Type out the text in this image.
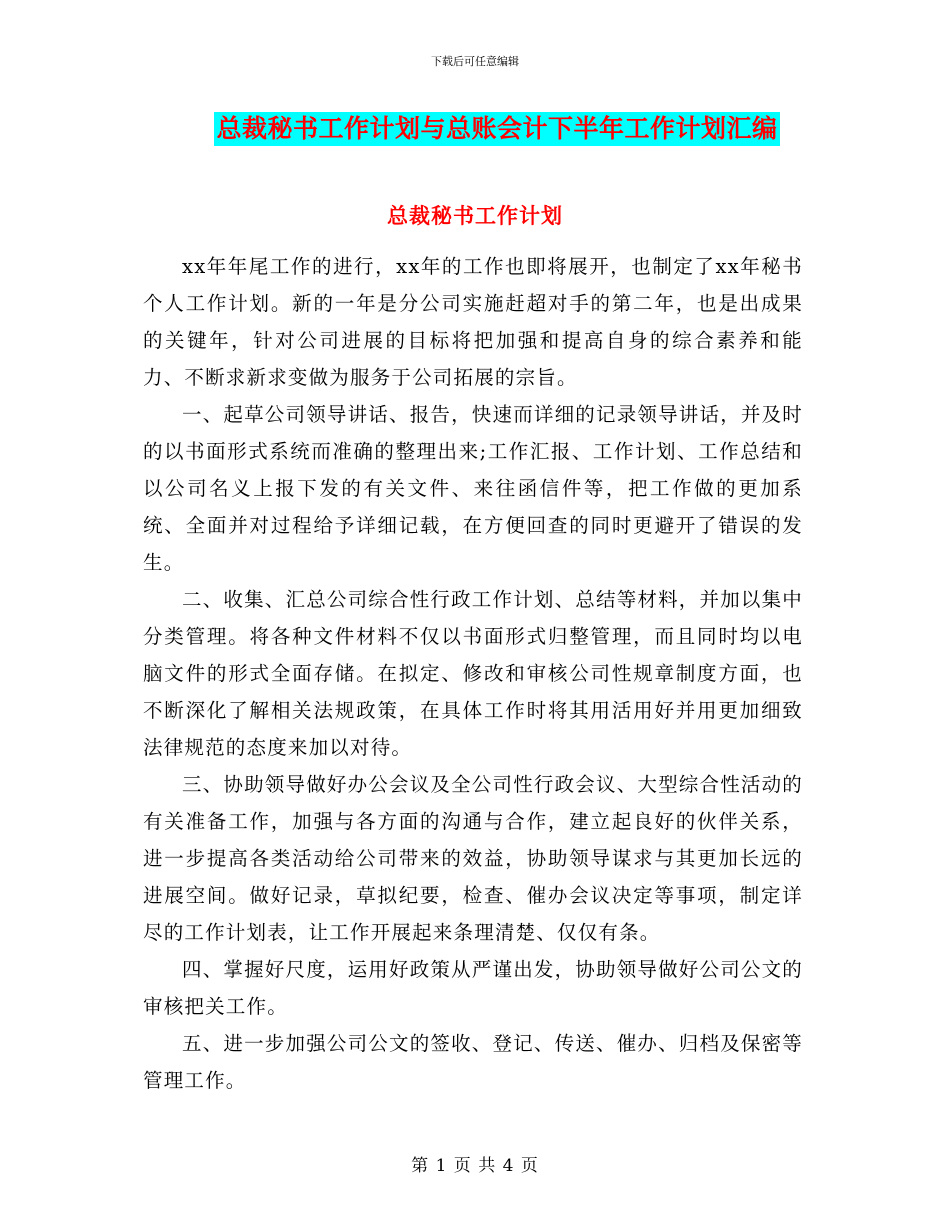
下载后可任意编辑
总裁秘书工作计划与总账会计下半年工作计划汇编
总裁秘书工作计划

xx年年尾工作的进行，xx年的工作也即将展开，也制定了xx年秘书个人工作计划。新的一年是分公司实施赶超对手的第二年，也是出成果的关键年，针对公司进展的目标将把加强和提高自身的综合素养和能力、不断求新求变做为服务于公司拓展的宗旨。

一、起草公司领导讲话、报告，快速而详细的记录领导讲话，并及时的以书面形式系统而准确的整理出来;工作汇报、工作计划、工作总结和以公司名义上报下发的有关文件、来往函信件等，把工作做的更加系统、全面并对过程给予详细记载，在方便回查的同时更避开了错误的发生。

二、收集、汇总公司综合性行政工作计划、总结等材料，并加以集中分类管理。将各种文件材料不仅以书面形式归整管理，而且同时均以电脑文件的形式全面存储。在拟定、修改和审核公司性规章制度方面，也不断深化了解相关法规政策，在具体工作时将其用活用好并用更加细致法律规范的态度来加以对待。

三、协助领导做好办公会议及全公司性行政会议、大型综合性活动的有关准备工作，加强与各方面的沟通与合作，建立起良好的伙伴关系，进一步提高各类活动给公司带来的效益，协助领导谋求与其更加长远的进展空间。做好记录，草拟纪要，检查、催办会议决定等事项，制定详尽的工作计划表，让工作开展起来条理清楚、仅仅有条。

四、掌握好尺度，运用好政策从严谨出发，协助领导做好公司公文的审核把关工作。

五、进一步加强公司公文的签收、登记、传送、催办、归档及保密等管理工作。

第 1 页 共 4 页
